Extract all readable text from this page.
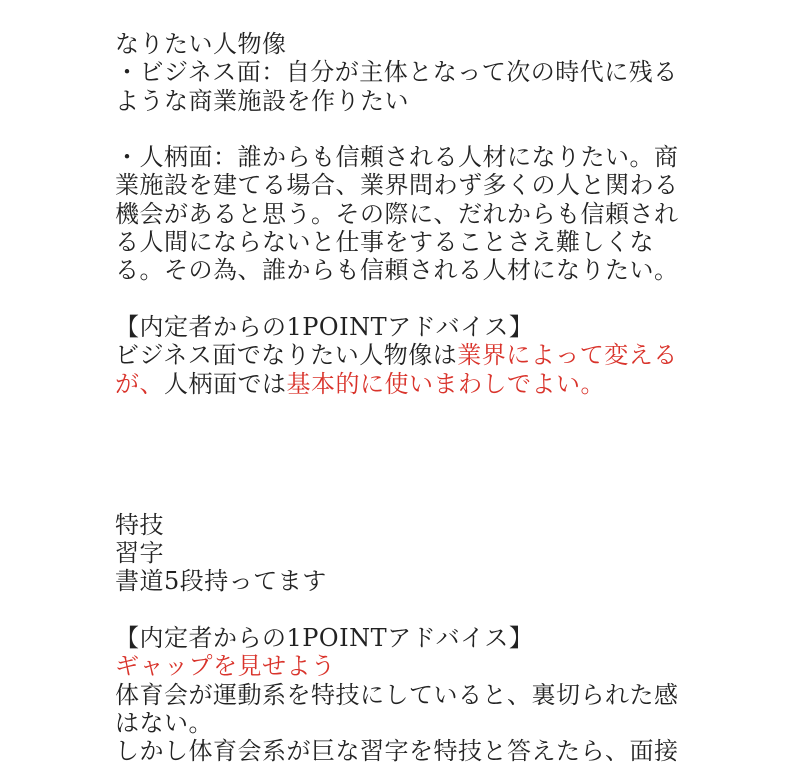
なりたい人物像
・ビジネス面：自分が主体となって次の時代に残る
ような商業施設を作りたい
・人柄面：誰からも信頼される人材になりたい。商
業施設を建てる場合、業界問わず多くの人と関わる
機会があると思う。その際に、だれからも信頼され
る人間にならないと仕事をすることさえ難しくな
る。その為、誰からも信頼される人材になりたい。
【内定者からの1POINTアドバイス】
ビジネス面でなりたい人物像は業界によって変える
が、人柄面では基本的に使いまわしでよい。
特技
習字
書道5段持ってます
【内定者からの1POINTアドバイス】
ギャップを見せよう
体育会が運動系を特技にしていると、裏切られた感
はない。
しかし体育会系が巨な習字を特技と答えたら、面接
